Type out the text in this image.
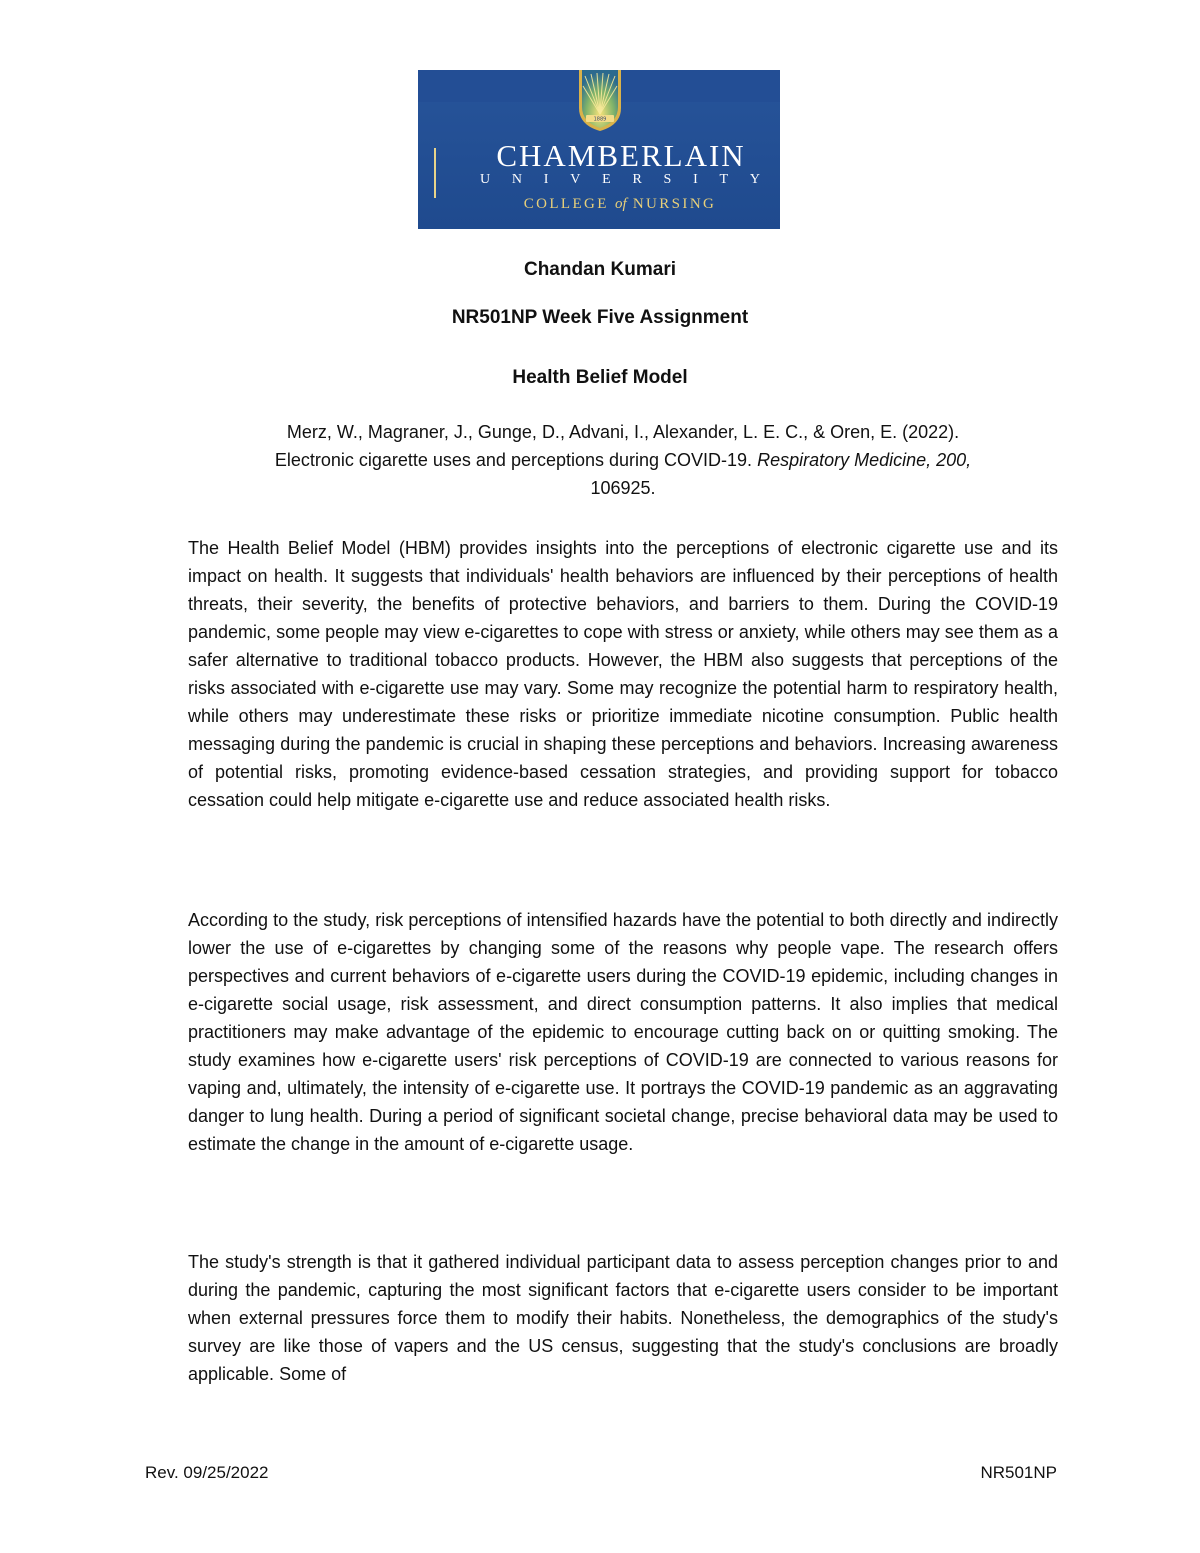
1889
CHAMBERLAIN
U N I V E R S I T Y
COLLEGE of NURSING
Chandan Kumari
NR501NP Week Five Assignment
Health Belief Model
Merz, W., Magraner, J., Gunge, D., Advani, I., Alexander, L. E. C., & Oren, E. (2022).
Electronic cigarette uses and perceptions during COVID-19. Respiratory Medicine, 200,
106925.

The Health Belief Model (HBM) provides insights into the perceptions of electronic cigarette use and its impact on health. It suggests that individuals' health behaviors are influenced by their perceptions of health threats, their severity, the benefits of protective behaviors, and barriers to them. During the COVID-19 pandemic, some people may view e-cigarettes to cope with stress or anxiety, while others may see them as a safer alternative to traditional tobacco products. However, the HBM also suggests that perceptions of the risks associated with e-cigarette use may vary. Some may recognize the potential harm to respiratory health, while others may underestimate these risks or prioritize immediate nicotine consumption. Public health messaging during the pandemic is crucial in shaping these perceptions and behaviors. Increasing awareness of potential risks, promoting evidence-based cessation strategies, and providing support for tobacco cessation could help mitigate e-cigarette use and reduce associated health risks.

According to the study, risk perceptions of intensified hazards have the potential to both directly and indirectly lower the use of e-cigarettes by changing some of the reasons why people vape. The research offers perspectives and current behaviors of e-cigarette users during the COVID-19 epidemic, including changes in e-cigarette social usage, risk assessment, and direct consumption patterns. It also implies that medical practitioners may make advantage of the epidemic to encourage cutting back on or quitting smoking. The study examines how e-cigarette users' risk perceptions of COVID-19 are connected to various reasons for vaping and, ultimately, the intensity of e-cigarette use. It portrays the COVID-19 pandemic as an aggravating danger to lung health. During a period of significant societal change, precise behavioral data may be used to estimate the change in the amount of e-cigarette usage.

The study's strength is that it gathered individual participant data to assess perception changes prior to and during the pandemic, capturing the most significant factors that e-cigarette users consider to be important when external pressures force them to modify their habits. Nonetheless, the demographics of the study's survey are like those of vapers and the US census, suggesting that the study's conclusions are broadly applicable. Some of

Rev. 09/25/2022	NR501NP
